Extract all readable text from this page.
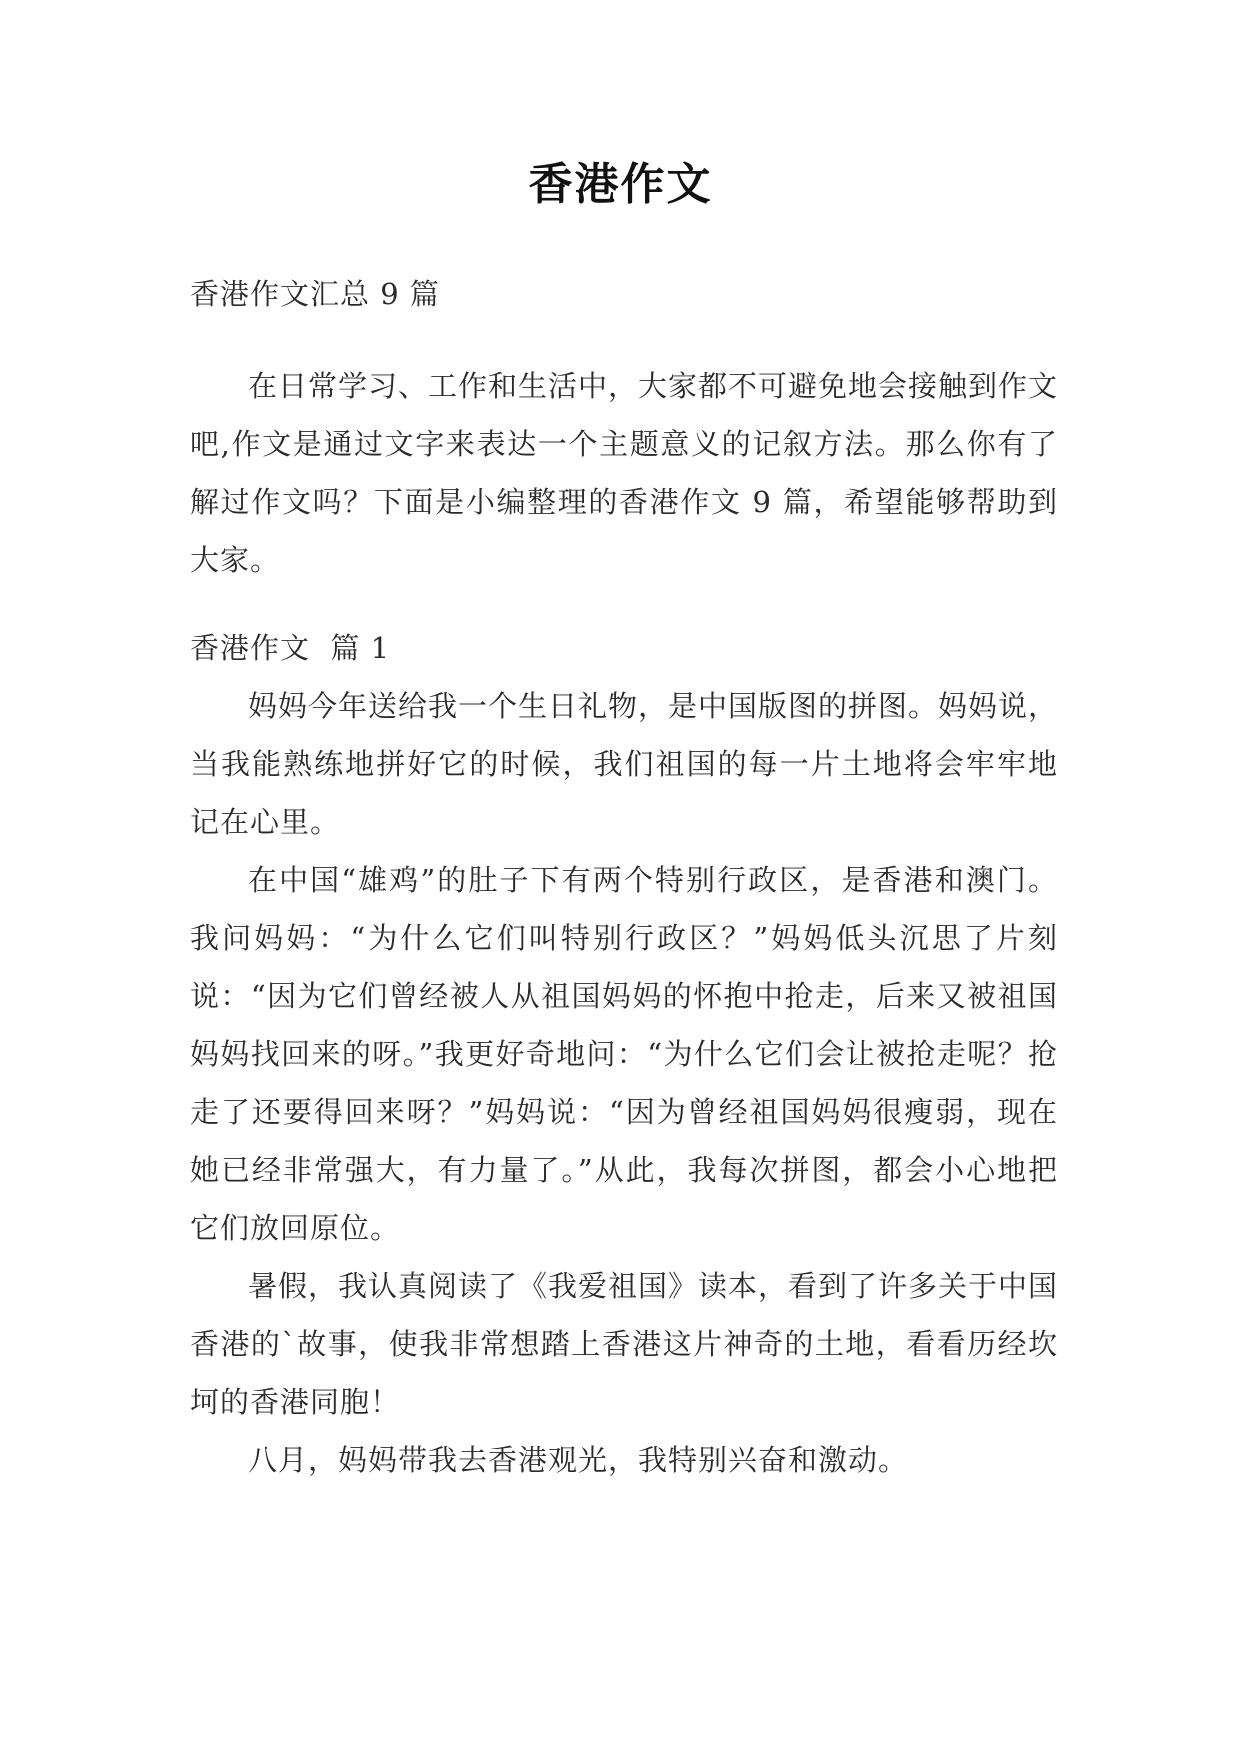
香港作文

香港作文汇总 9 篇

在日常学习、工作和生活中，大家都不可避免地会接触到作文吧,作文是通过文字来表达一个主题意义的记叙方法。那么你有了解过作文吗？下面是小编整理的香港作文 9 篇，希望能够帮助到大家。

香港作文  篇 1

妈妈今年送给我一个生日礼物，是中国版图的拼图。妈妈说，当我能熟练地拼好它的时候，我们祖国的每一片土地将会牢牢地记在心里。

在中国“雄鸡”的肚子下有两个特别行政区，是香港和澳门。我问妈妈：“为什么它们叫特别行政区？”妈妈低头沉思了片刻说：“因为它们曾经被人从祖国妈妈的怀抱中抢走，后来又被祖国妈妈找回来的呀。”我更好奇地问：“为什么它们会让被抢走呢？抢走了还要得回来呀？”妈妈说：“因为曾经祖国妈妈很瘦弱，现在她已经非常强大，有力量了。”从此，我每次拼图，都会小心地把它们放回原位。

暑假，我认真阅读了《我爱祖国》读本，看到了许多关于中国香港的`故事，使我非常想踏上香港这片神奇的土地，看看历经坎坷的香港同胞！

八月，妈妈带我去香港观光，我特别兴奋和激动。
